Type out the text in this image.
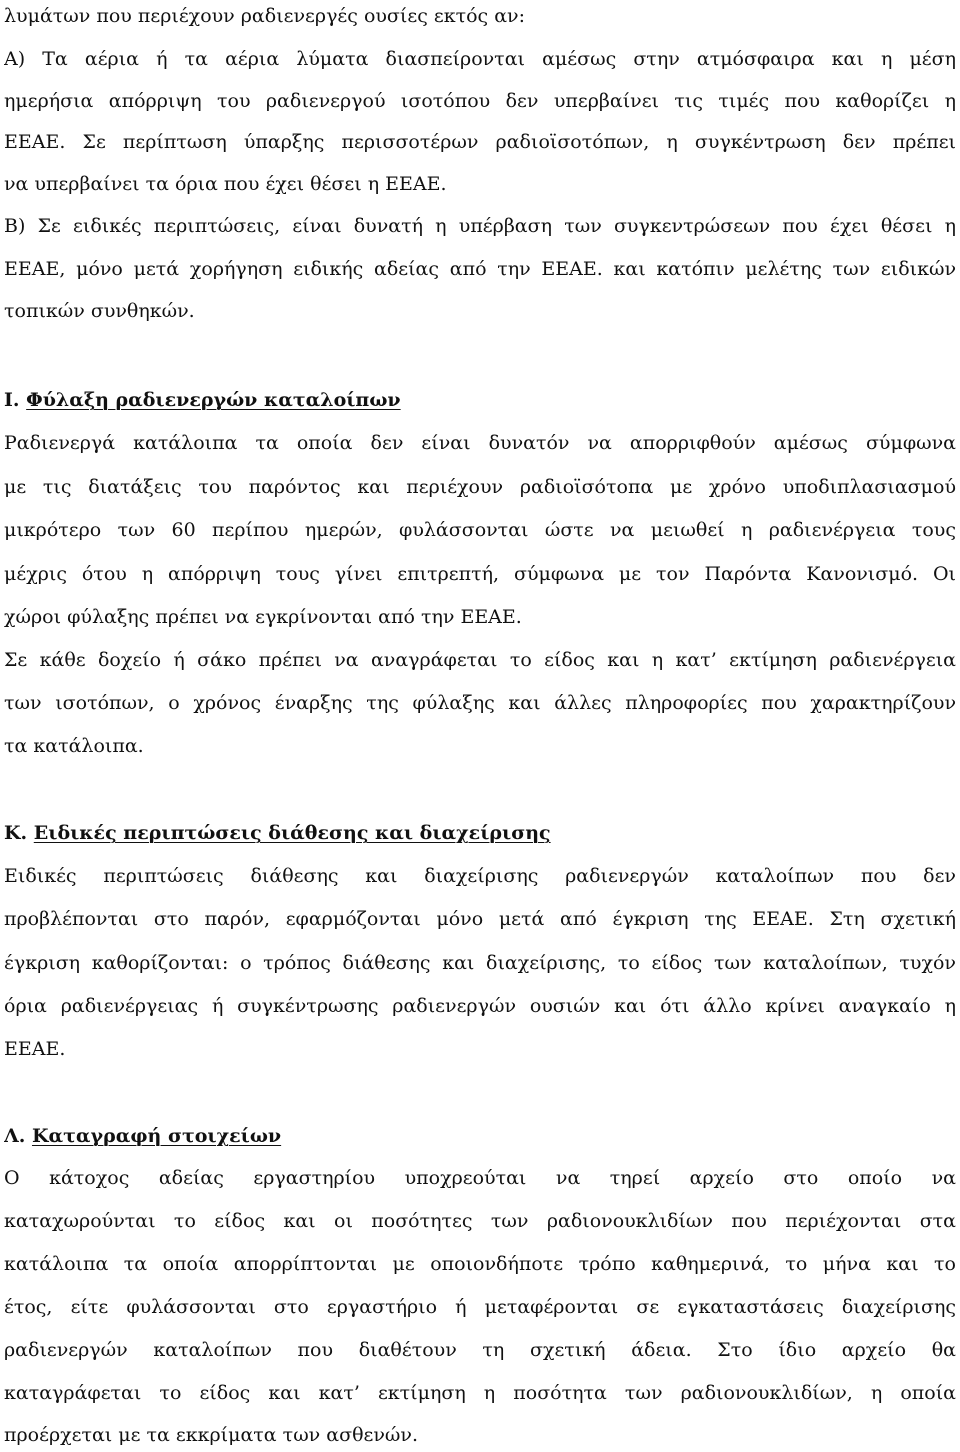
λυμάτων που περιέχουν ραδιενεργές ουσίες εκτός αν:
Α) Τα αέρια ή τα αέρια λύματα διασπείρονται αμέσως στην ατμόσφαιρα και η μέση
ημερήσια απόρριψη του ραδιενεργού ισοτόπου δεν υπερβαίνει τις τιμές που καθορίζει η
ΕΕΑΕ. Σε περίπτωση ύπαρξης περισσοτέρων ραδιοϊσοτόπων, η συγκέντρωση δεν πρέπει
να υπερβαίνει τα όρια που έχει θέσει η ΕΕΑΕ.
Β) Σε ειδικές περιπτώσεις, είναι δυνατή η υπέρβαση των συγκεντρώσεων που έχει θέσει η
ΕΕΑΕ, μόνο μετά χορήγηση ειδικής αδείας από την ΕΕΑΕ. και κατόπιν μελέτης των ειδικών
τοπικών συνθηκών.
Ι. Φύλαξη ραδιενεργών καταλοίπων
Ραδιενεργά κατάλοιπα τα οποία δεν είναι δυνατόν να απορριφθούν αμέσως σύμφωνα
με τις διατάξεις του παρόντος και περιέχουν ραδιοϊσότοπα με χρόνο υποδιπλασιασμού
μικρότερο των 60 περίπου ημερών, φυλάσσονται ώστε να μειωθεί η ραδιενέργεια τους
μέχρις ότου η απόρριψη τους γίνει επιτρεπτή, σύμφωνα με τον Παρόντα Κανονισμό. Οι
χώροι φύλαξης πρέπει να εγκρίνονται από την ΕΕΑΕ.
Σε κάθε δοχείο ή σάκο πρέπει να αναγράφεται το είδος και η κατ’ εκτίμηση ραδιενέργεια
των ισοτόπων, ο χρόνος έναρξης της φύλαξης και άλλες πληροφορίες που χαρακτηρίζουν
τα κατάλοιπα.
Κ. Ειδικές περιπτώσεις διάθεσης και διαχείρισης
Ειδικές περιπτώσεις διάθεσης και διαχείρισης ραδιενεργών καταλοίπων που δεν
προβλέπονται στο παρόν, εφαρμόζονται μόνο μετά από έγκριση της ΕΕΑΕ. Στη σχετική
έγκριση καθορίζονται: ο τρόπος διάθεσης και διαχείρισης, το είδος των καταλοίπων, τυχόν
όρια ραδιενέργειας ή συγκέντρωσης ραδιενεργών ουσιών και ότι άλλο κρίνει αναγκαίο η
ΕΕΑΕ.
Λ. Καταγραφή στοιχείων
Ο κάτοχος αδείας εργαστηρίου υποχρεούται να τηρεί αρχείο στο οποίο να
καταχωρούνται το είδος και οι ποσότητες των ραδιονουκλιδίων που περιέχονται στα
κατάλοιπα τα οποία απορρίπτονται με οποιονδήποτε τρόπο καθημερινά, το μήνα και το
έτος, είτε φυλάσσονται στο εργαστήριο ή μεταφέρονται σε εγκαταστάσεις διαχείρισης
ραδιενεργών καταλοίπων που διαθέτουν τη σχετική άδεια. Στο ίδιο αρχείο θα
καταγράφεται το είδος και κατ’ εκτίμηση η ποσότητα των ραδιονουκλιδίων, η οποία
προέρχεται με τα εκκρίματα των ασθενών.
